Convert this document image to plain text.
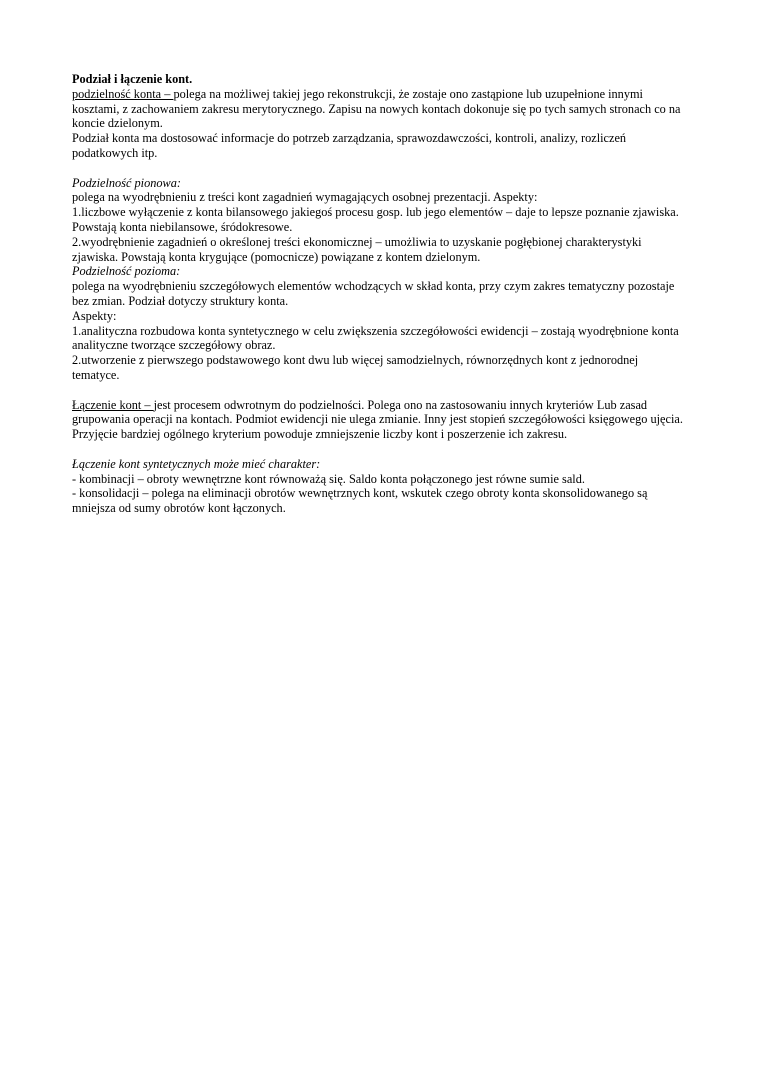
Podział i łączenie kont.

podzielność konta – polega na możliwej takiej jego rekonstrukcji, że zostaje ono zastąpione lub uzupełnione innymi kosztami, z zachowaniem zakresu merytorycznego. Zapisu na nowych kontach dokonuje się po tych samych stronach co na koncie dzielonym.

Podział konta ma dostosować informacje do potrzeb zarządzania, sprawozdawczości, kontroli, analizy, rozliczeń podatkowych itp.

Podzielność pionowa:

polega na wyodrębnieniu z treści kont zagadnień wymagających osobnej prezentacji. Aspekty:

1.liczbowe wyłączenie z konta bilansowego jakiegoś procesu gosp. lub jego elementów – daje to lepsze poznanie zjawiska. Powstają konta niebilansowe, śródokresowe.

2.wyodrębnienie zagadnień o określonej treści ekonomicznej – umożliwia to uzyskanie pogłębionej charakterystyki zjawiska. Powstają konta krygujące (pomocnicze) powiązane z kontem dzielonym.

Podzielność pozioma:

polega na wyodrębnieniu szczegółowych elementów wchodzących w skład konta, przy czym zakres tematyczny pozostaje bez zmian. Podział dotyczy struktury konta.

Aspekty:

1.analityczna rozbudowa konta syntetycznego w celu zwiększenia szczegółowości ewidencji – zostają wyodrębnione konta analityczne tworzące szczegółowy obraz.

2.utworzenie z pierwszego podstawowego kont dwu lub więcej samodzielnych, równorzędnych kont z jednorodnej tematyce.

Łączenie kont – jest procesem odwrotnym do podzielności. Polega ono na zastosowaniu innych kryteriów Lub zasad grupowania operacji na kontach. Podmiot ewidencji nie ulega zmianie. Inny jest stopień szczegółowości księgowego ujęcia.

Przyjęcie bardziej ogólnego kryterium powoduje zmniejszenie liczby kont i poszerzenie ich zakresu.

Łączenie kont syntetycznych może mieć charakter:

- kombinacji – obroty wewnętrzne kont równoważą się. Saldo konta połączonego jest równe sumie sald.

- konsolidacji – polega na eliminacji obrotów wewnętrznych kont, wskutek czego obroty konta skonsolidowanego są mniejsza od sumy obrotów kont łączonych.
